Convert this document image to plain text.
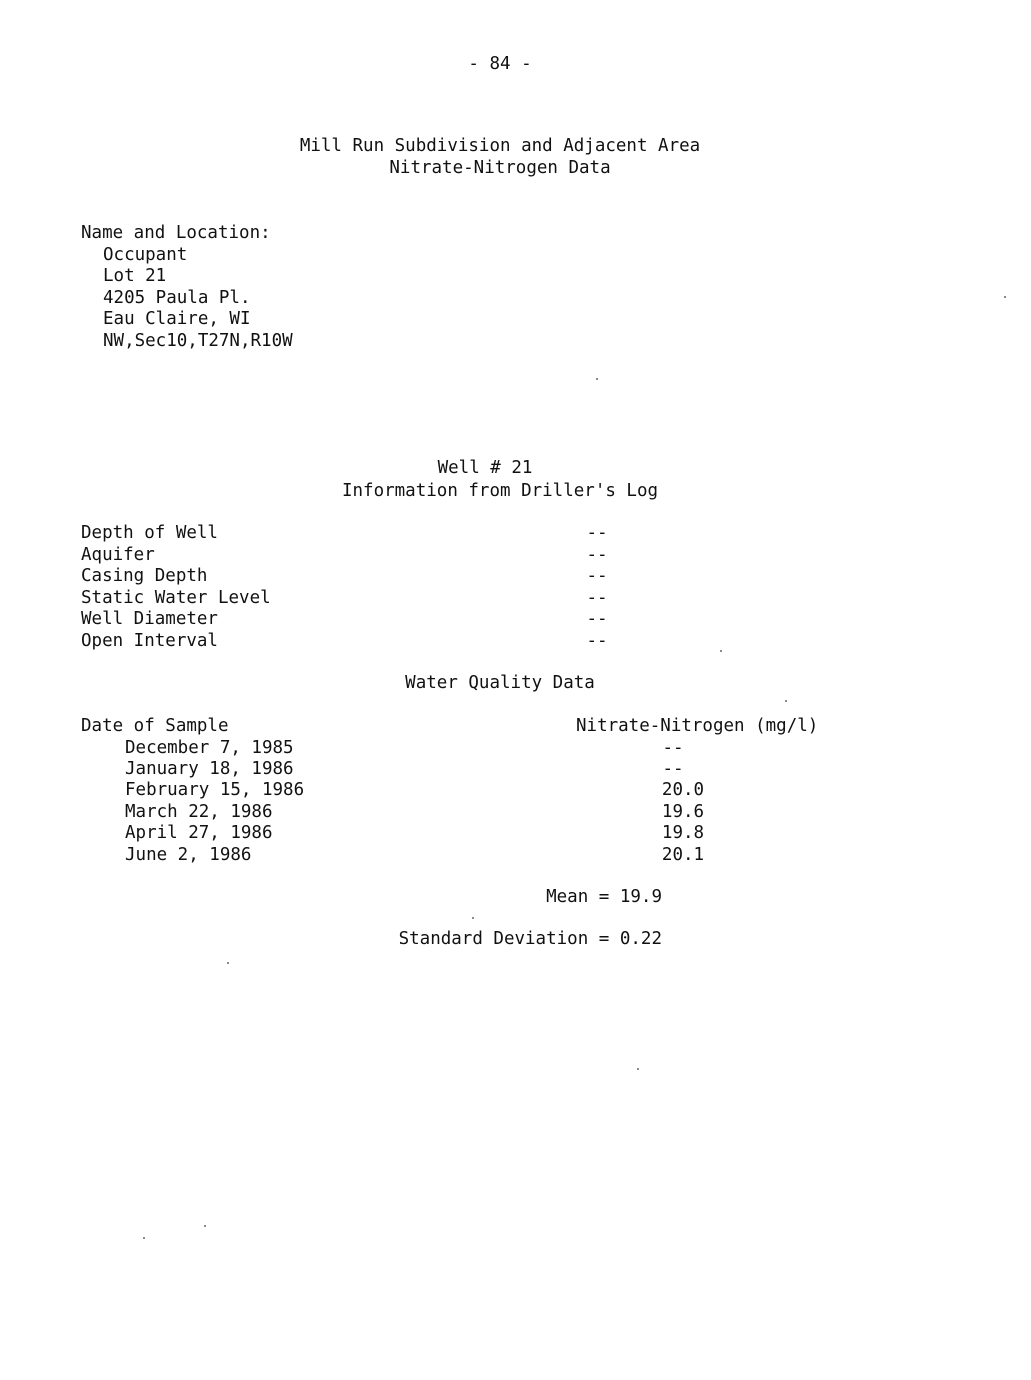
- 84 -
Mill Run Subdivision and Adjacent Area
Nitrate-Nitrogen Data
Name and Location:
Occupant
Lot 21
4205 Paula Pl.
Eau Claire, WI
NW,Sec10,T27N,R10W
Well # 21
Information from Driller's Log
Depth of Well	--
Aquifer	--
Casing Depth	--
Static Water Level	--
Well Diameter	--
Open Interval	--
Water Quality Data
Date of Sample	Nitrate-Nitrogen (mg/l)
December 7, 1985	--
January 18, 1986	--
February 15, 1986	20.0
March 22, 1986	19.6
April 27, 1986	19.8
June 2, 1986	20.1
Mean = 19.9
Standard Deviation = 0.22
